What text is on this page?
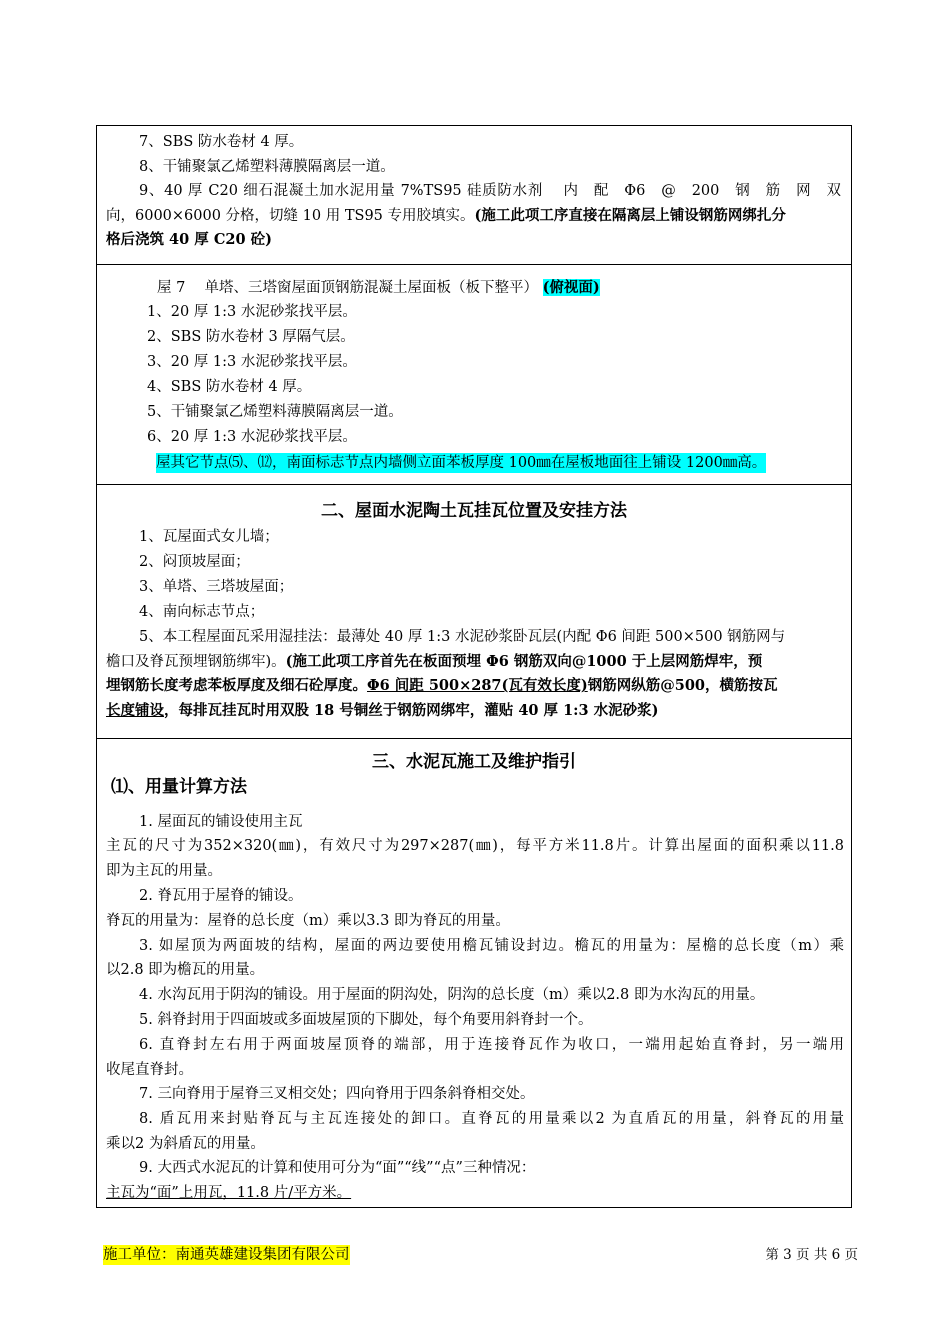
7、SBS 防水卷材 4 厚。
8、干铺聚氯乙烯塑料薄膜隔离层一道。
9、40 厚 C20 细石混凝土加水泥用量 7%TS95 硅质防水剂　 内　配　Φ6　@　200　钢　筋　网　双
向，6000×6000 分格，切缝 10 用 TS95 专用胶填实。(施工此项工序直接在隔离层上铺设钢筋网绑扎分
格后浇筑 40 厚 C20 砼)
屋 7　 单塔、三塔窗屋面顶钢筋混凝土屋面板（板下整平） (俯视面)
1、20 厚 1:3 水泥砂浆找平层。
2、SBS 防水卷材 3 厚隔气层。
3、20 厚 1:3 水泥砂浆找平层。
4、SBS 防水卷材 4 厚。
5、干铺聚氯乙烯塑料薄膜隔离层一道。
6、20 厚 1:3 水泥砂浆找平层。
屋其它节点⑸、⑿，南面标志节点内墙侧立面苯板厚度 100㎜在屋板地面往上铺设 1200㎜高。
二、屋面水泥陶土瓦挂瓦位置及安挂方法
1、瓦屋面式女儿墙；
2、闷顶坡屋面；
3、单塔、三塔坡屋面；
4、南向标志节点；
5、本工程屋面瓦采用湿挂法：最薄处 40 厚 1:3 水泥砂浆卧瓦层(内配 Φ6 间距 500×500 钢筋网与
檐口及脊瓦预埋钢筋绑牢)。(施工此项工序首先在板面预埋 Φ6 钢筋双向@1000 于上层网筋焊牢，预
埋钢筋长度考虑苯板厚度及细石砼厚度。Φ6 间距 500×287(瓦有效长度)钢筋网纵筋@500，横筋按瓦
长度铺设，每排瓦挂瓦时用双股 18 号铜丝于钢筋网绑牢，灌贴 40 厚 1:3 水泥砂浆)
三、水泥瓦施工及维护指引
⑴、用量计算方法
1. 屋面瓦的铺设使用主瓦
主瓦的尺寸为352×320(㎜)，有效尺寸为297×287(㎜)，每平方米11.8片。计算出屋面的面积乘以11.8
即为主瓦的用量。
2. 脊瓦用于屋脊的铺设。
脊瓦的用量为：屋脊的总长度（m）乘以3.3 即为脊瓦的用量。
3. 如屋顶为两面坡的结构，屋面的两边要使用檐瓦铺设封边。檐瓦的用量为：屋檐的总长度（m）乘
以2.8 即为檐瓦的用量。
4. 水沟瓦用于阴沟的铺设。用于屋面的阴沟处，阴沟的总长度（m）乘以2.8 即为水沟瓦的用量。
5. 斜脊封用于四面坡或多面坡屋顶的下脚处，每个角要用斜脊封一个。
6. 直脊封左右用于两面坡屋顶脊的端部，用于连接脊瓦作为收口，一端用起始直脊封，另一端用
收尾直脊封。
7. 三向脊用于屋脊三叉相交处；四向脊用于四条斜脊相交处。
8. 盾瓦用来封贴脊瓦与主瓦连接处的卸口。直脊瓦的用量乘以2 为直盾瓦的用量，斜脊瓦的用量
乘以2 为斜盾瓦的用量。
9. 大西式水泥瓦的计算和使用可分为“面”“线”“点”三种情况：
主瓦为“面”上用瓦，11.8 片/平方米。
施工单位：南通英雄建设集团有限公司	第 3 页 共 6 页
